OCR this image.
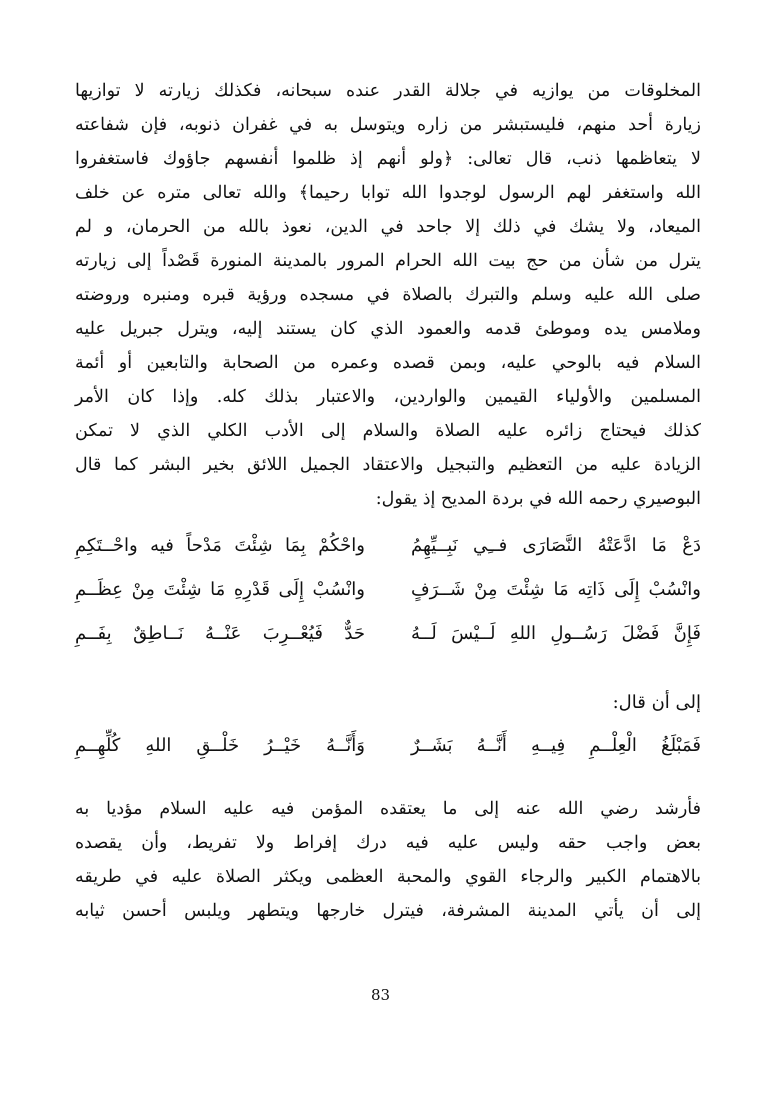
المخلوقات من يوازيه في جلالة القدر عنده سبحانه، فكذلك زيارته لا توازيها
زيارة أحد منهم، فليستبشر من زاره ويتوسل به في غفران ذنوبه، فإن شفاعته
لا يتعاظمها ذنب، قال تعالى: ﴿ولو أنهم إذ ظلموا أنفسهم جاؤوك فاستغفروا
الله واستغفر لهم الرسول لوجدوا الله توابا رحيما﴾ والله تعالى متره عن خلف
الميعاد، ولا يشك في ذلك إلا جاحد في الدين، نعوذ بالله من الحرمان، و لم
يترل من شأن من حج بيت الله الحرام المرور بالمدينة المنورة قَصْداً إلى زيارته
صلى الله عليه وسلم والتبرك بالصلاة في مسجده ورؤية قبره ومنبره وروضته
وملامس يده وموطئ قدمه والعمود الذي كان يستند إليه، ويترل جبريل عليه
السلام فيه بالوحي عليه، وبمن قصده وعمره من الصحابة والتابعين أو أئمة
المسلمين والأولياء القيمين والواردين، والاعتبار بذلك كله. وإذا كان الأمر
كذلك فيحتاج زائره عليه الصلاة والسلام إلى الأدب الكلي الذي لا تمكن
الزيادة عليه من التعظيم والتبجيل والاعتقاد الجميل اللائق بخير البشر كما قال
البوصيري رحمه الله في بردة المديح إذ يقول:
دَعْ مَا ادَّعَتْهُ النَّصَارَى فــِي نَبِــيِّهِمُ
واحْكُمْ بِمَا شِئْتَ مَدْحاً فيه واحْــتَكِمِ
وانْسُبْ إِلَى ذَاتِه مَا شِئْتَ مِنْ شَــرَفٍ
وانْسُبْ إِلَى قَدْرِهِ مَا شِئْتَ مِنْ عِظَــمِ
فَإِنَّ فَضْلَ رَسُــولِ اللهِ لَــيْسَ لَــهُ
حَدٌّ فَيُعْــرِبَ عَنْــهُ نَــاطِقٌ بِفَــمِ
إلى أن قال:
فَمَبْلَغُ الْعِلْــمِ فِيــهِ أَنَّــهُ بَشَــرٌ
وَأَنَّــهُ خَيْــرُ خَلْــقِ اللهِ كُلِّهِــمِ
فأرشد رضي الله عنه إلى ما يعتقده المؤمن فيه عليه السلام مؤديا به
بعض واجب حقه وليس عليه فيه درك إفراط ولا تفريط، وأن يقصده
بالاهتمام الكبير والرجاء القوي والمحبة العظمى ويكثر الصلاة عليه في طريقه
إلى أن يأتي المدينة المشرفة، فيترل خارجها ويتطهر ويلبس أحسن ثيابه
83
